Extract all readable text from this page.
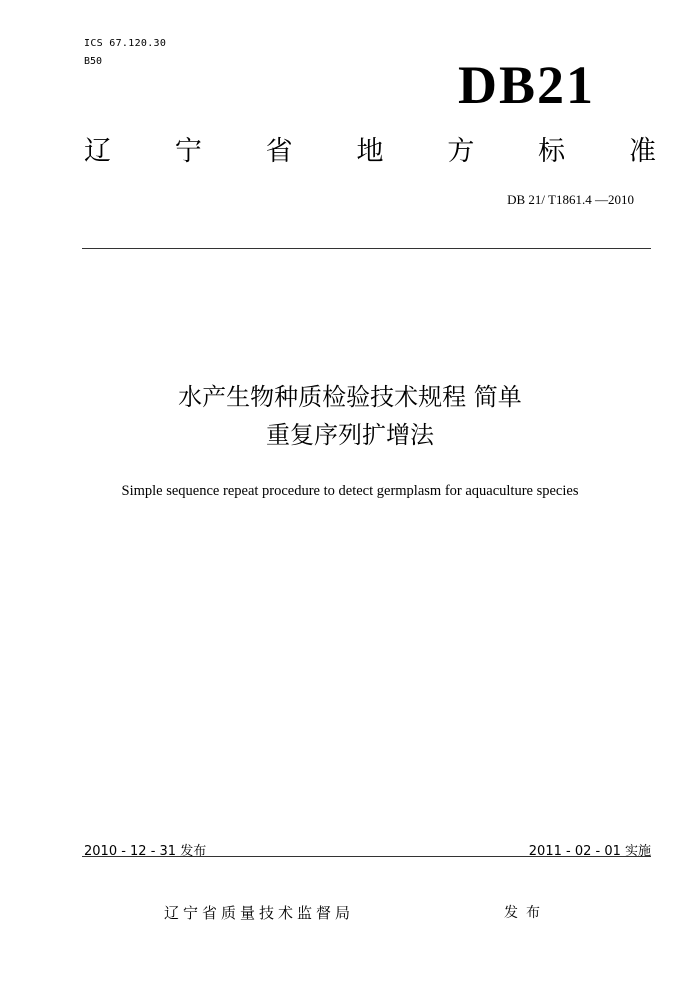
ICS 67.120.30
B50	DB21
辽 宁 省 地 方 标 准
DB 21/ T1861.4 —2010
水产生物种质检验技术规程 简单
重复序列扩增法
Simple sequence repeat procedure to detect germplasm for aquaculture species
2010 - 12 - 31 发布	2011 - 02 - 01 实施
辽宁省质量技术监督局	发布
